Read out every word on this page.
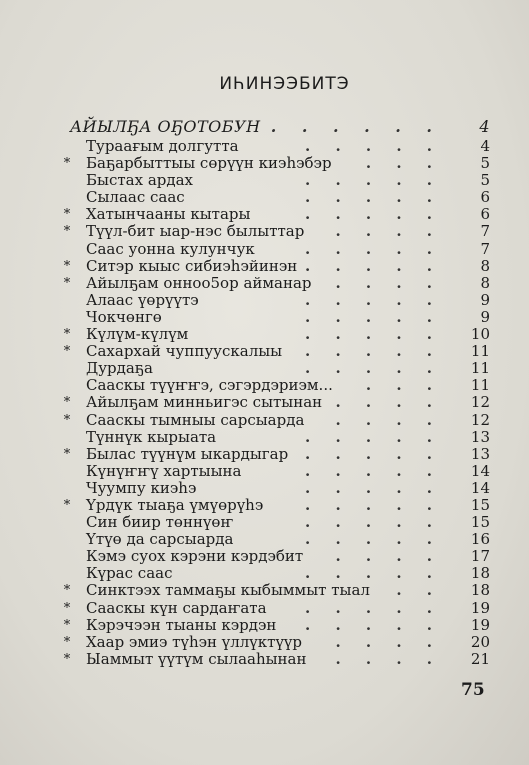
ИҺИНЭЭБИТЭ
АЙЫЛҔА ОҔОТОБУН . . . . . .	4
Тураағым долгутта	. . . . .	4
* Баҕарбыттыы сөрүүн киэһэбэр . . .	5
Быстах ардах	. . . . .	5
Сылаас саас	. . . . .	6
* Хатынчааны кытары	. . . . .	6
* Түүл-бит ыар-нэс былыттар . . . .	7
Саас уонна кулунчук	. . . . .	7
* Ситэр кыыс сибиэһэйинэн . . . . .	8
* Айылҕам онноо5ор айманар . . . .	8
Алаас үөрүүтэ	. . . . .	9
Чокчөнгө	. . . . .	9
* Күлүм-күлүм	. . . . .	10
* Сахархай чуппуускалыы . . . . .	11
Дурдаҕа	. . . . .	11
Сааскы түүҥҥэ, сэгэрдэриэм... . . .	11
* Айылҕам минньигэс сытынан . . . .	12
* Сааскы тымныы сарсыарда . . . .	12
Түннүк кырыата	. . . . .	13
* Былас түүнүм ыкардыгар . . . . .	13
Күнүҥҥү хартыына	. . . . .	14
Чуумпу киэһэ	. . . . .	14
* Үрдүк тыаҕа үмүөрүһэ	. . . . .	15
Син биир төннүөҥ	. . . . .	15
Үтүө да сарсыарда	. . . . .	16
Кэмэ суох кэрэни кэрдэбит . . . .	17
Күрас саас	. . . . .	18
* Синктээх таммаҕы кыбыммыт тыал . .	18
* Сааскы күн сардаҥата	. . . . .	19
* Кэрэчээн тыаны кэрдэн . . . . .	19
* Хаар эмиэ түһэн үллүктүүр . . . .	20
* Ыаммыт үүтүм сылааһынан . . . .	21
75
